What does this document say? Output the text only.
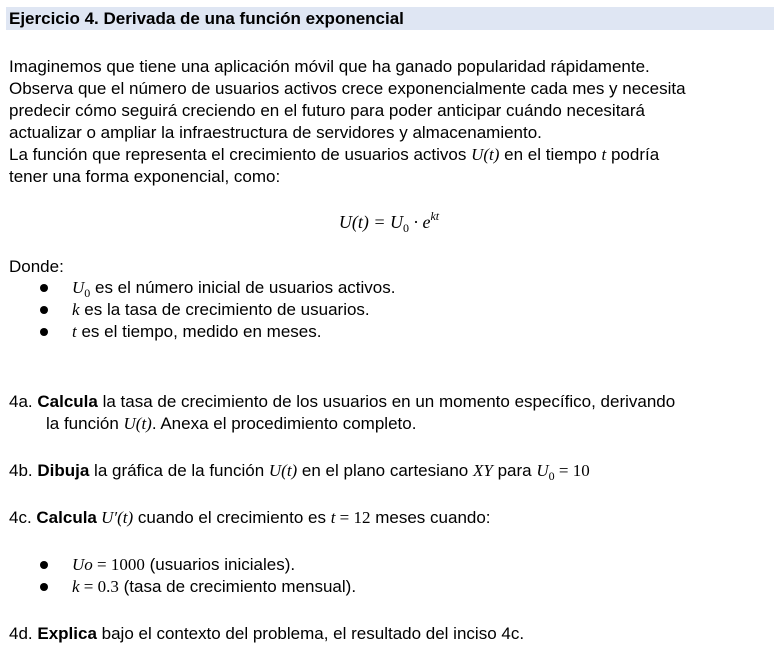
Ejercicio 4. Derivada de una función exponencial
Imaginemos que tiene una aplicación móvil que ha ganado popularidad rápidamente.
Observa que el número de usuarios activos crece exponencialmente cada mes y necesita
predecir cómo seguirá creciendo en el futuro para poder anticipar cuándo necesitará
actualizar o ampliar la infraestructura de servidores y almacenamiento.
La función que representa el crecimiento de usuarios activos U(t) en el tiempo t podría
tener una forma exponencial, como:
$U(t) = U_0 \cdot e^{kt}$
Donde:
$U_0$ es el número inicial de usuarios activos.
k es la tasa de crecimiento de usuarios.
t es el tiempo, medido en meses.
4a. Calcula la tasa de crecimiento de los usuarios en un momento específico, derivando
la función U(t). Anexa el procedimiento completo.
4b. Dibuja la gráfica de la función U(t) en el plano cartesiano XY para $U_0 = 10$
4c. Calcula U′(t) cuando el crecimiento es t = 12 meses cuando:
Uo = 1000 (usuarios iniciales).
k = 0.3 (tasa de crecimiento mensual).
4d. Explica bajo el contexto del problema, el resultado del inciso 4c.
